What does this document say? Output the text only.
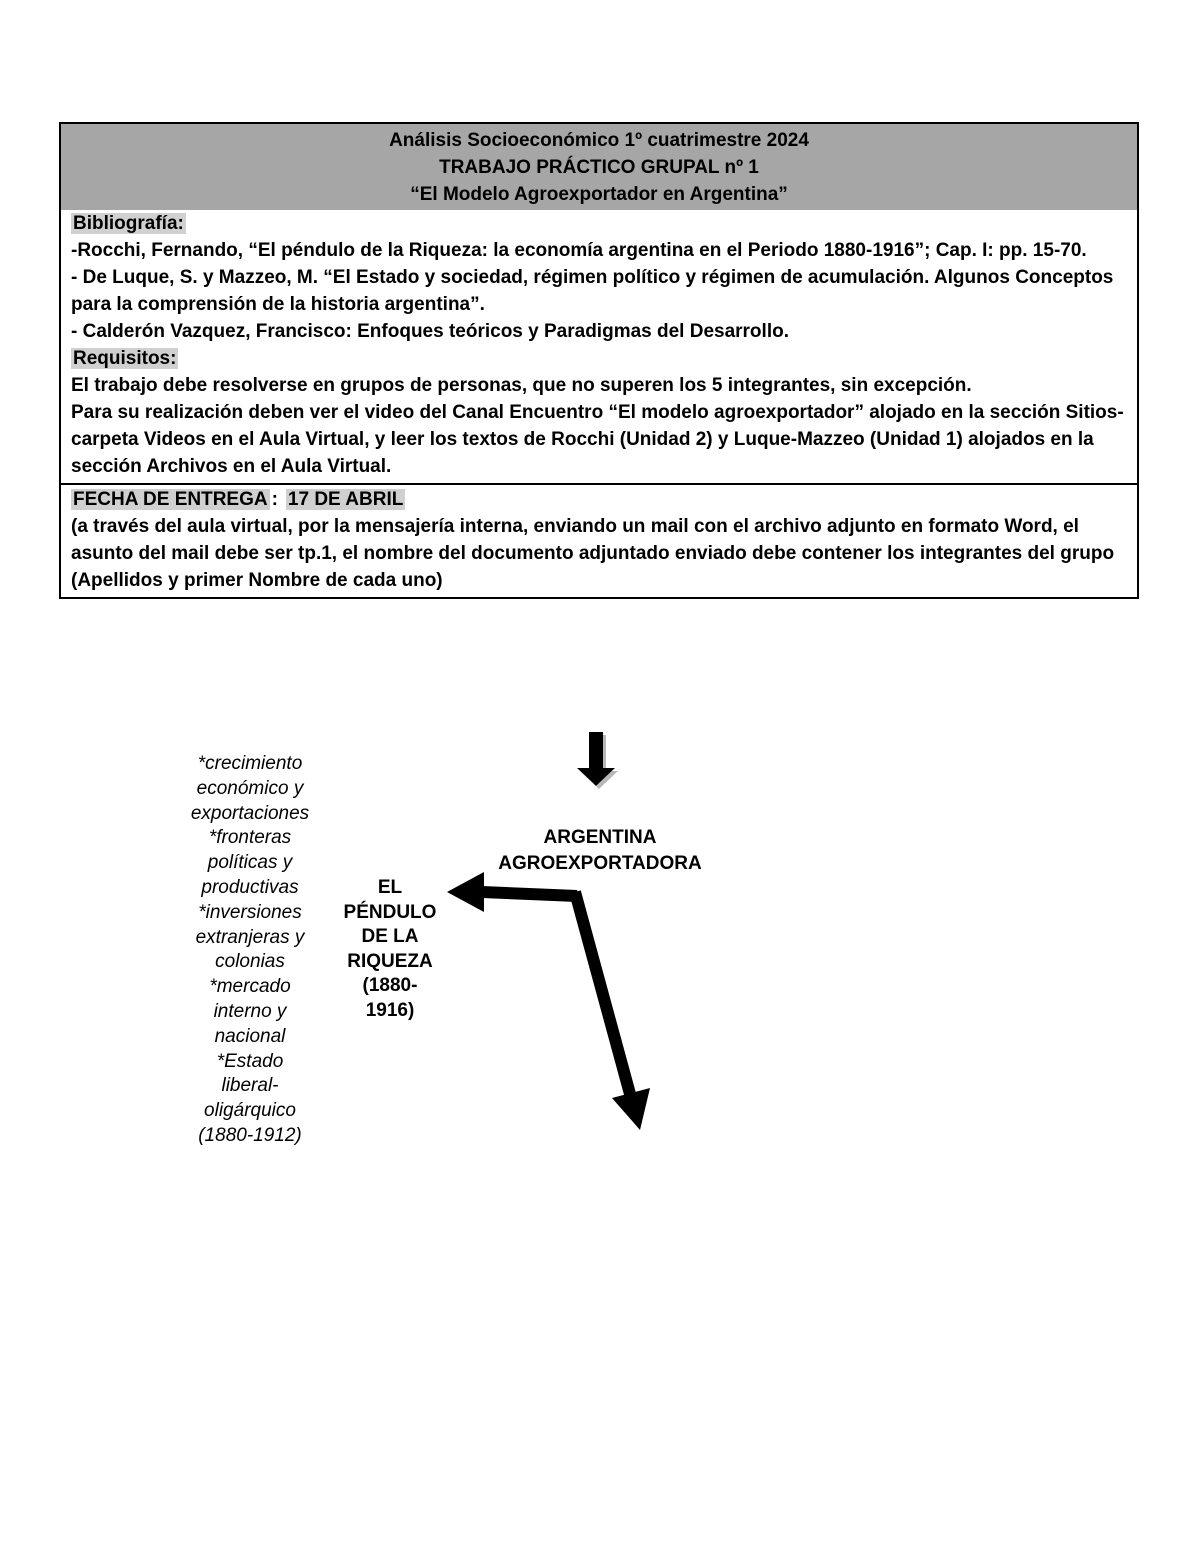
Análisis Socioeconómico 1º cuatrimestre 2024
TRABAJO PRÁCTICO GRUPAL nº 1
“El Modelo Agroexportador en Argentina”

Bibliografía:

-Rocchi, Fernando, “El péndulo de la Riqueza: la economía argentina en el Periodo 1880-1916”; Cap. I: pp. 15-70.

- De Luque, S. y Mazzeo, M. “El Estado y sociedad, régimen político y régimen de acumulación. Algunos Conceptos para la comprensión de la historia argentina”.

- Calderón Vazquez, Francisco: Enfoques teóricos y Paradigmas del Desarrollo.

Requisitos:

El trabajo debe resolverse en grupos de personas, que no superen los 5 integrantes, sin excepción.

Para su realización deben ver el video del Canal Encuentro “El modelo agroexportador” alojado en la sección Sitios- carpeta Videos en el Aula Virtual, y leer los textos de Rocchi (Unidad 2) y Luque-Mazzeo (Unidad 1) alojados en la sección Archivos en el Aula Virtual.

FECHA DE ENTREGA : 17 DE ABRIL

(a través del aula virtual, por la mensajería interna, enviando un mail con el archivo adjunto en formato Word, el asunto del mail debe ser tp.1, el nombre del documento adjuntado enviado debe contener los integrantes del grupo (Apellidos y primer Nombre de cada uno)

*crecimiento
económico y
exportaciones
*fronteras
políticas y
productivas
*inversiones
extranjeras y
colonias
*mercado
interno y
nacional
*Estado
liberal-
oligárquico
(1880-1912)
EL
PÉNDULO
DE LA
RIQUEZA
(1880-
1916)
ARGENTINA
AGROEXPORTADORA
